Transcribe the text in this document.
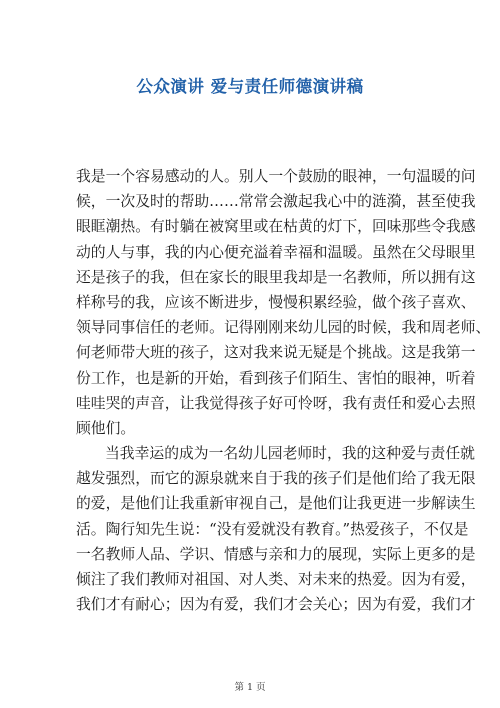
公众演讲 爱与责任师德演讲稿
我是一个容易感动的人。别人一个鼓励的眼神，一句温暖的问
候，一次及时的帮助……常常会激起我心中的涟漪，甚至使我
眼眶潮热。有时躺在被窝里或在枯黄的灯下，回味那些令我感
动的人与事，我的内心便充溢着幸福和温暖。虽然在父母眼里
还是孩子的我，但在家长的眼里我却是一名教师，所以拥有这
样称号的我，应该不断进步，慢慢积累经验，做个孩子喜欢、
领导同事信任的老师。记得刚刚来幼儿园的时候，我和周老师、
何老师带大班的孩子，这对我来说无疑是个挑战。这是我第一
份工作，也是新的开始，看到孩子们陌生、害怕的眼神，听着
哇哇哭的声音，让我觉得孩子好可怜呀，我有责任和爱心去照
顾他们。
当我幸运的成为一名幼儿园老师时，我的这种爱与责任就
越发强烈，而它的源泉就来自于我的孩子们是他们给了我无限
的爱，是他们让我重新审视自己，是他们让我更进一步解读生
活。陶行知先生说：“没有爱就没有教育。”热爱孩子，不仅是
一名教师人品、学识、情感与亲和力的展现，实际上更多的是
倾注了我们教师对祖国、对人类、对未来的热爱。因为有爱，
我们才有耐心；因为有爱，我们才会关心；因为有爱，我们才
第 1 页
